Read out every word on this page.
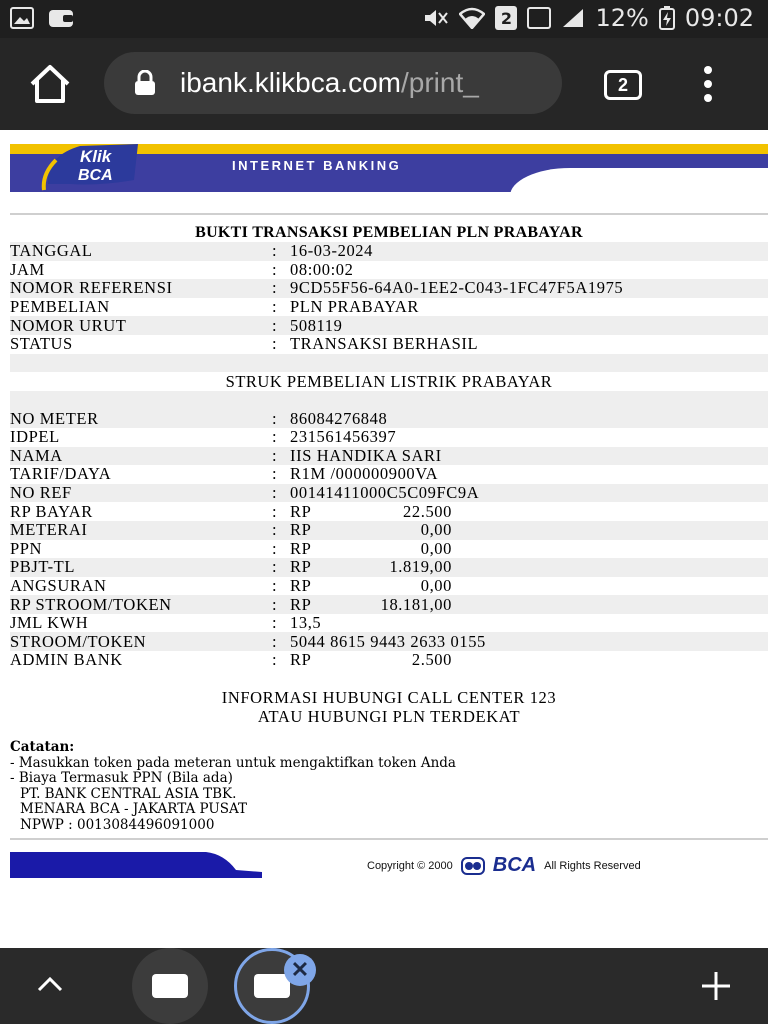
2	12% 09:02
ibank.klikbca.com /print_	2
INTERNET BANKING
Klik
BCA
BUKTI TRANSAKSI PEMBELIAN PLN PRABAYAR
TANGGAL	: 16-03-2024
JAM	: 08:00:02
NOMOR REFERENSI	: 9CD55F56-64A0-1EE2-C043-1FC47F5A1975
PEMBELIAN	: PLN PRABAYAR
NOMOR URUT	: 508119
STATUS	: TRANSAKSI BERHASIL
STRUK PEMBELIAN LISTRIK PRABAYAR
NO METER	: 86084276848
IDPEL	: 231561456397
NAMA	: IIS HANDIKA SARI
TARIF/DAYA	: R1M /000000900VA
NO REF	: 00141411000C5C09FC9A
RP BAYAR	: RP	22.500
METERAI	: RP	0,00
PPN	: RP	0,00
PBJT-TL	: RP	1.819,00
ANGSURAN	: RP	0,00
RP STROOM/TOKEN	: RP	18.181,00
JML KWH	: 13,5
STROOM/TOKEN	: 5044 8615 9443 2633 0155
ADMIN BANK	: RP	2.500
INFORMASI HUBUNGI CALL CENTER 123
ATAU HUBUNGI PLN TERDEKAT
Catatan:
- Masukkan token pada meteran untuk mengaktifkan token Anda
- Biaya Termasuk PPN (Bila ada)
PT. BANK CENTRAL ASIA TBK.
MENARA BCA - JAKARTA PUSAT
NPWP : 0013084496091000
Copyright © 2000 BCA All Rights Reserved
✕
